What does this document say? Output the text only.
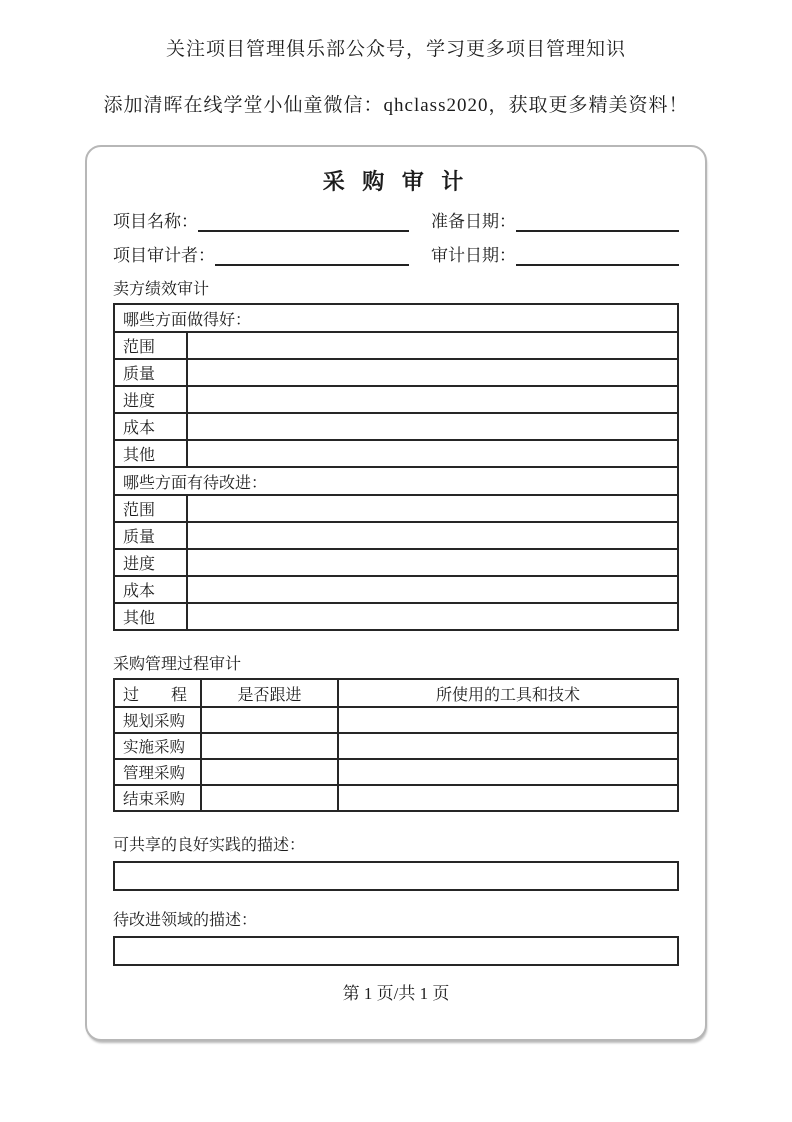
关注项目管理俱乐部公众号，学习更多项目管理知识

添加清晖在线学堂小仙童微信：qhclass2020，获取更多精美资料！

采 购 审 计
项目名称：	准备日期：
项目审计者：	审计日期：
卖方绩效审计
哪些方面做得好：	
范围	
质量	
进度	
成本	
其他	
哪些方面有待改进：	
范围	
质量	
进度	
成本	
其他	
采购管理过程审计
过　　程	是否跟进	所使用的工具和技术
规划采购		
实施采购		
管理采购		
结束采购		
可共享的良好实践的描述：
待改进领域的描述：
第 1 页/共 1 页
